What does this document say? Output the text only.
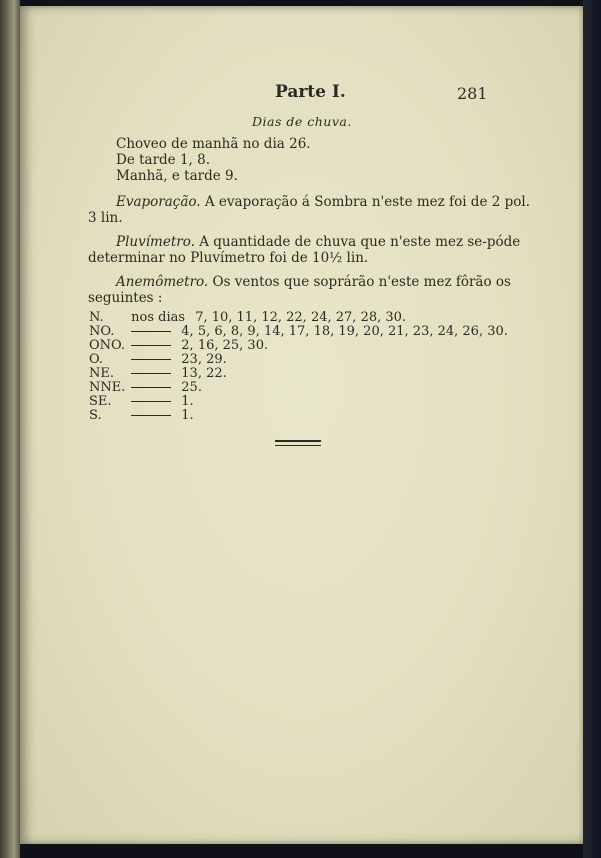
Parte I.	281
Dias de chuva.
Choveo de manhã no dia 26.
De tarde 1, 8.
Manhã, e tarde 9.
Evaporação. A evaporação á Sombra n'este mez foi de 2 pol.
3 lin.
Pluvímetro. A quantidade de chuva que n'este mez se-póde
determinar no Pluvímetro foi de 10½ lin.
Anemômetro. Os ventos que soprárão n'este mez fôrão os
seguintes :
N. nos dias 7, 10, 11, 12, 22, 24, 27, 28, 30.
NO.	4, 5, 6, 8, 9, 14, 17, 18, 19, 20, 21, 23, 24, 26, 30.
ONO.	2, 16, 25, 30.
O.	23, 29.
NE.	13, 22.
NNE.	25.
SE.	1.
S.	1.
